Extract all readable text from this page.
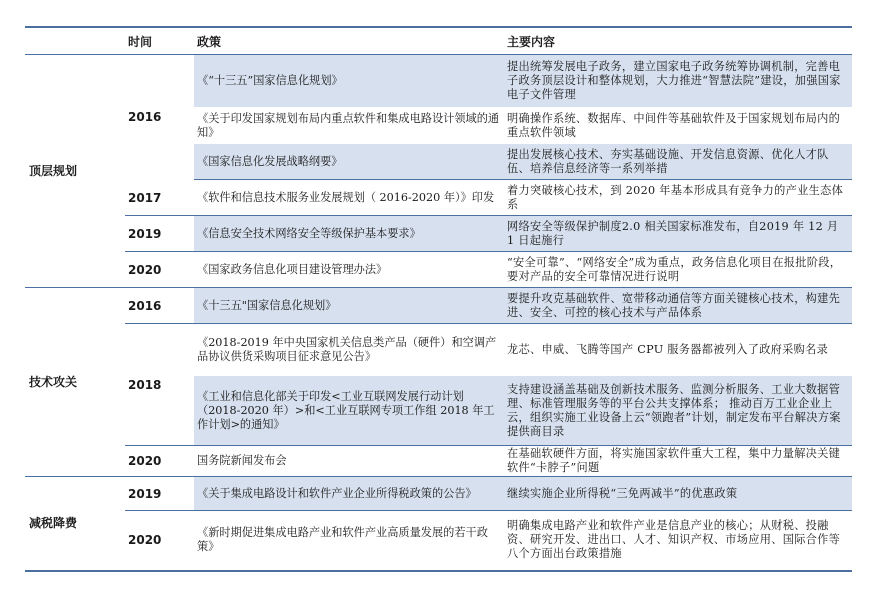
	时间	政策	主要内容
顶层规划	2016	《“十三五”国家信息化规划》	提出统筹发展电子政务，建立国家电子政务统筹协调机制，完善电子政务顶层设计和整体规划，大力推进“智慧法院”建设，加强国家电子文件管理
		《关于印发国家规划布局内重点软件和集成电路设计领域的通知》	明确操作系统、数据库、中间件等基础软件及于国家规划布局内的重点软件领域
		《国家信息化发展战略纲要》	提出发展核心技术、夯实基础设施、开发信息资源、优化人才队伍、培养信息经济等一系列举措
	2017	《软件和信息技术服务业发展规划（ 2016-2020 年）》印发	着力突破核心技术，到 2020 年基本形成具有竞争力的产业生态体系
	2019	《信息安全技术网络安全等级保护基本要求》	网络安全等级保护制度2.0 相关国家标准发布，自2019 年 12 月 1 日起施行
	2020	《国家政务信息化项目建设管理办法》	“安全可靠”、“网络安全”成为重点，政务信息化项目在报批阶段，要对产品的安全可靠情况进行说明
技术攻关	2016	《十三五"国家信息化规划》	要提升攻克基础软件、宽带移动通信等方面关键核心技术，构建先进、安全、可控的核心技术与产品体系
	2018	《2018-2019 年中央国家机关信息类产品（硬件）和空调产品协议供货采购项目征求意见公告》	龙芯、申威、飞腾等国产 CPU 服务器都被列入了政府采购名录
		《工业和信息化部关于印发<工业互联网发展行动计划（2018-2020 年）>和<工业互联网专项工作组 2018 年工作计划>的通知》	支持建设涵盖基础及创新技术服务、监测分析服务、工业大数据管理、标准管理服务等的平台公共支撑体系； 推动百万工业企业上云，组织实施工业设备上云“领跑者”计划，制定发布平台解决方案提供商目录
	2020	国务院新闻发布会	在基础软硬件方面，将实施国家软件重大工程，集中力量解决关键软件“卡脖子”问题
减税降费	2019	《关于集成电路设计和软件产业企业所得税政策的公告》	继续实施企业所得税“三免两减半”的优惠政策
	2020	《新时期促进集成电路产业和软件产业高质量发展的若干政策》	明确集成电路产业和软件产业是信息产业的核心；从财税、投融资、研究开发、进出口、人才、知识产权、市场应用、国际合作等八个方面出台政策措施
